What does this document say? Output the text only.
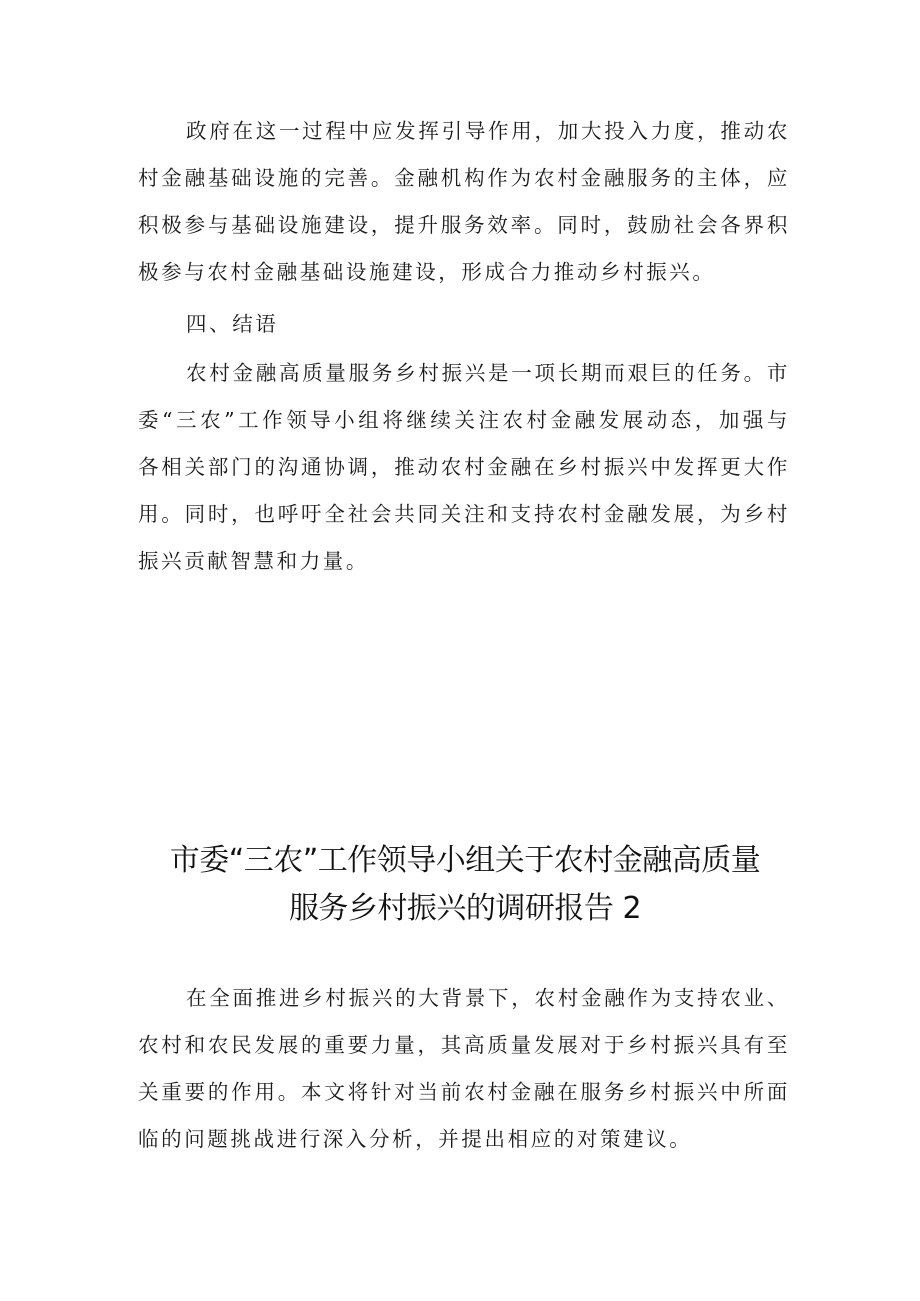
政府在这一过程中应发挥引导作用，加大投入力度，推动农
村金融基础设施的完善。金融机构作为农村金融服务的主体，应
积极参与基础设施建设，提升服务效率。同时，鼓励社会各界积
极参与农村金融基础设施建设，形成合力推动乡村振兴。
四、结语
农村金融高质量服务乡村振兴是一项长期而艰巨的任务。市
委“三农”工作领导小组将继续关注农村金融发展动态，加强与
各相关部门的沟通协调，推动农村金融在乡村振兴中发挥更大作
用。同时，也呼吁全社会共同关注和支持农村金融发展，为乡村
振兴贡献智慧和力量。
市委“三农”工作领导小组关于农村金融高质量
服务乡村振兴的调研报告 2
在全面推进乡村振兴的大背景下，农村金融作为支持农业、
农村和农民发展的重要力量，其高质量发展对于乡村振兴具有至
关重要的作用。本文将针对当前农村金融在服务乡村振兴中所面
临的问题挑战进行深入分析，并提出相应的对策建议。
